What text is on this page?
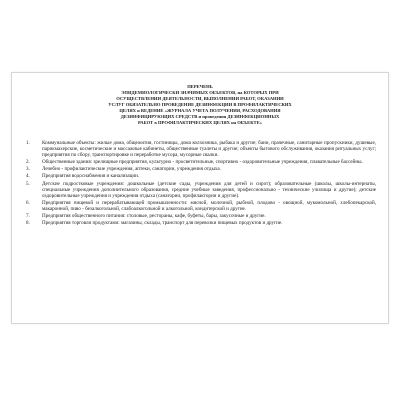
ПЕРЕЧЕНЬ
ЭПИДЕМИОЛОГИЧЕСКИ ЗНАЧИМЫХ ОБЪЕКТОВ, на КОТОРЫХ ПРИ
ОСУЩЕСТВЛЕНИИ ДЕЯТЕЛЬНОСТИ, ВЫПОЛНЕНИИ РАБОТ, ОКАЗАНИИ
УСЛУГ ОБЯЗАТЕЛЬНО ПРОВЕДЕНИЕ ДЕЗИНФЕКЦИИ В ПРОФИЛАКТИЧЕСКИХ
ЦЕЛЯХ и ВЕДЕНИЕ «ЖУРНАЛА УЧЕТА ПОЛУЧЕНИЯ, РАСХОДОВАНИЯ
ДЕЗИНФИЦИРУЮЩИХ СРЕДСТВ и проведения ДЕЗИНФЕКЦИОННЫХ
РАБОТ в ПРОФИЛАКТИЧЕСКИХ ЦЕЛЯХ на ОБЪЕКТЕ»
1.	Коммунальные объекты: жилые дома, общежития, гостиницы, дома колхозника, рыбака и другие; бани, прачечные, санитарные пропускники, душевые, парикмахерские, косметические и массажные кабинеты, общественные туалеты и другие; объекты бытового обслуживания, оказания ритуальных услуг; предприятия по сбору, транспортировке и переработке мусора, мусорные свалки.
2.	Общественные здания: зрелищные предприятия, культурно - просветительные, спортивно - оздоровительные учреждения, плавательные бассейны.
3.	Лечебно - профилактические учреждения, аптеки, санатории, учреждения отдыха.
4.	Предприятия водоснабжения и канализации.
5.	Детские подростковые учреждения: дошкольные (детские сады, учреждения для детей и сирот); образовательные (школы, школы-интернаты, специальные учреждения дополнительного образования, средние учебные заведения, профессионально - технические училища и другие); детские оздоровительные учреждения и учреждения отдыха (санатории, профилактории и другие).
6.	Предприятия пищевой и перерабатывающей промышленности: мясной, молочной, рыбной, плодово - овощной, мукомольной, хлебопекарской, макаронной, пиво - безалкогольной, слабоалкогольной и алкогольной, кондитерской и другие.
7.	Предприятия общественного питания: столовые, рестораны, кафе, буфеты, бары, закусочные и другие.
8.	Предприятия торговли продуктами: магазины, склады, транспорт для перевозки пищевых продуктов и другие.
